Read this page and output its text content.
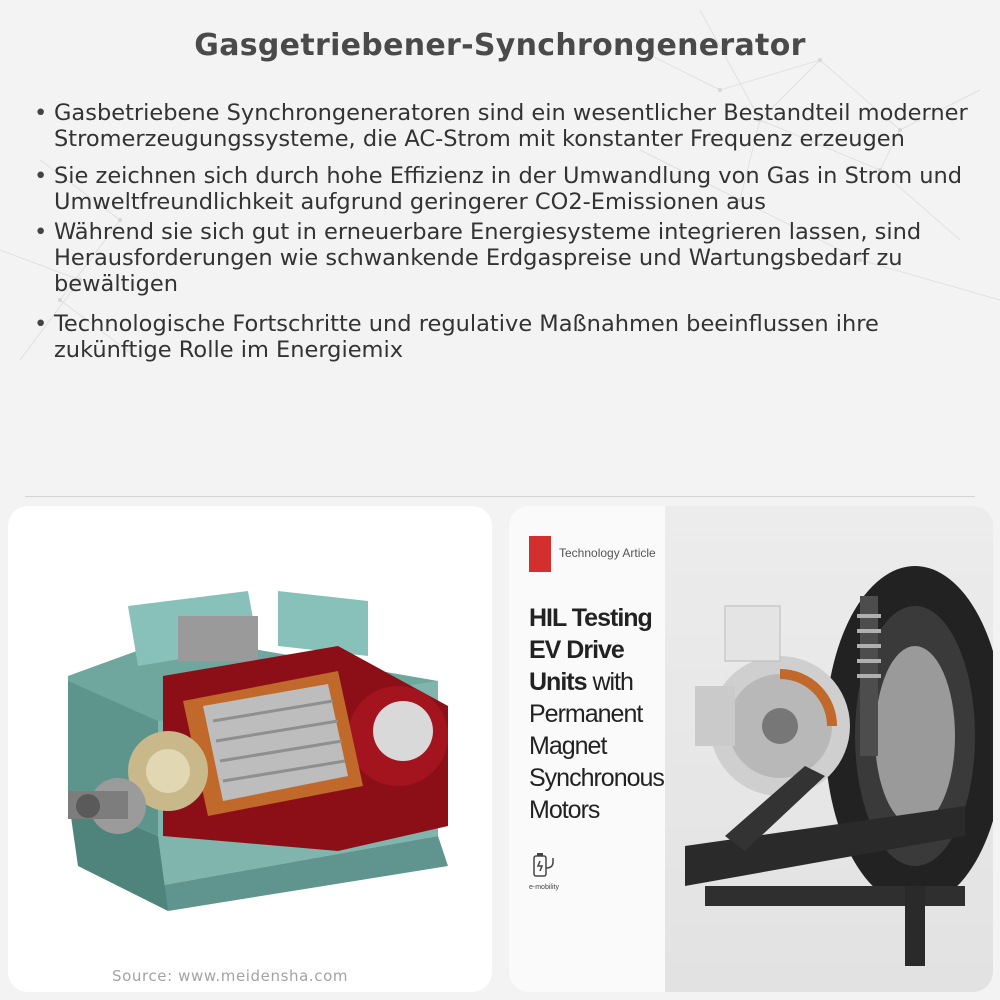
Gasgetriebener-Synchrongenerator

• Gasbetriebene Synchrongeneratoren sind ein wesentlicher Bestandteil moderner Stromerzeugungssysteme, die AC-Strom mit konstanter Frequenz erzeugen

• Sie zeichnen sich durch hohe Effizienz in der Umwandlung von Gas in Strom und Umweltfreundlichkeit aufgrund geringerer CO2-Emissionen aus

• Während sie sich gut in erneuerbare Energiesysteme integrieren lassen, sind Herausforderungen wie schwankende Erdgaspreise und Wartungsbedarf zu bewältigen

• Technologische Fortschritte und regulative Maßnahmen beeinflussen ihre zukünftige Rolle im Energiemix

Technology Article
HIL Testing
EV Drive
Units with
Permanent
Magnet
Synchronous
Motors
e-mobility
Source: www.meidensha.com
